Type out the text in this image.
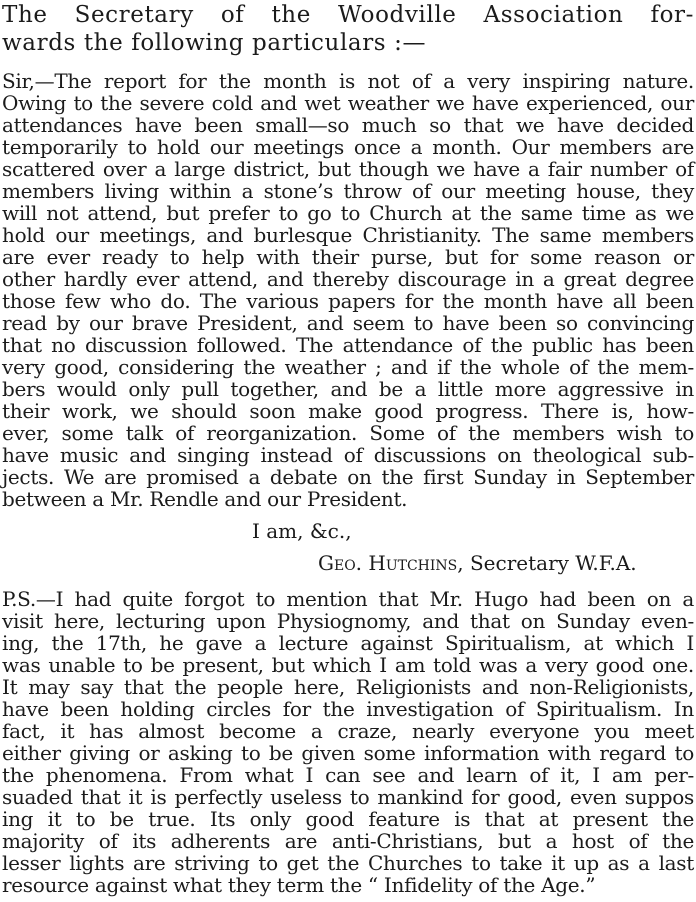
The Secretary of the Woodville Association for-
wards the following particulars :—
Sir,—The report for the month is not of a very inspiring nature.
Owing to the severe cold and wet weather we have experienced, our
attendances have been small—so much so that we have decided
temporarily to hold our meetings once a month. Our members are
scattered over a large district, but though we have a fair number of
members living within a stone’s throw of our meeting house, they
will not attend, but prefer to go to Church at the same time as we
hold our meetings, and burlesque Christianity. The same members
are ever ready to help with their purse, but for some reason or
other hardly ever attend, and thereby discourage in a great degree
those few who do. The various papers for the month have all been
read by our brave President, and seem to have been so convincing
that no discussion followed. The attendance of the public has been
very good, considering the weather ; and if the whole of the mem-
bers would only pull together, and be a little more aggressive in
their work, we should soon make good progress. There is, how-
ever, some talk of reorganization. Some of the members wish to
have music and singing instead of discussions on theological sub-
jects. We are promised a debate on the first Sunday in September
between a Mr. Rendle and our President.
I am, &c.,
Geo. Hutchins, Secretary W.F.A.
P.S.—I had quite forgot to mention that Mr. Hugo had been on a
visit here, lecturing upon Physiognomy, and that on Sunday even-
ing, the 17th, he gave a lecture against Spiritualism, at which I
was unable to be present, but which I am told was a very good one.
It may say that the people here, Religionists and non-Religionists,
have been holding circles for the investigation of Spiritualism. In
fact, it has almost become a craze, nearly everyone you meet
either giving or asking to be given some information with regard to
the phenomena. From what I can see and learn of it, I am per-
suaded that it is perfectly useless to mankind for good, even suppos
ing it to be true. Its only good feature is that at present the
majority of its adherents are anti-Christians, but a host of the
lesser lights are striving to get the Churches to take it up as a last
resource against what they term the “ Infidelity of the Age.”
